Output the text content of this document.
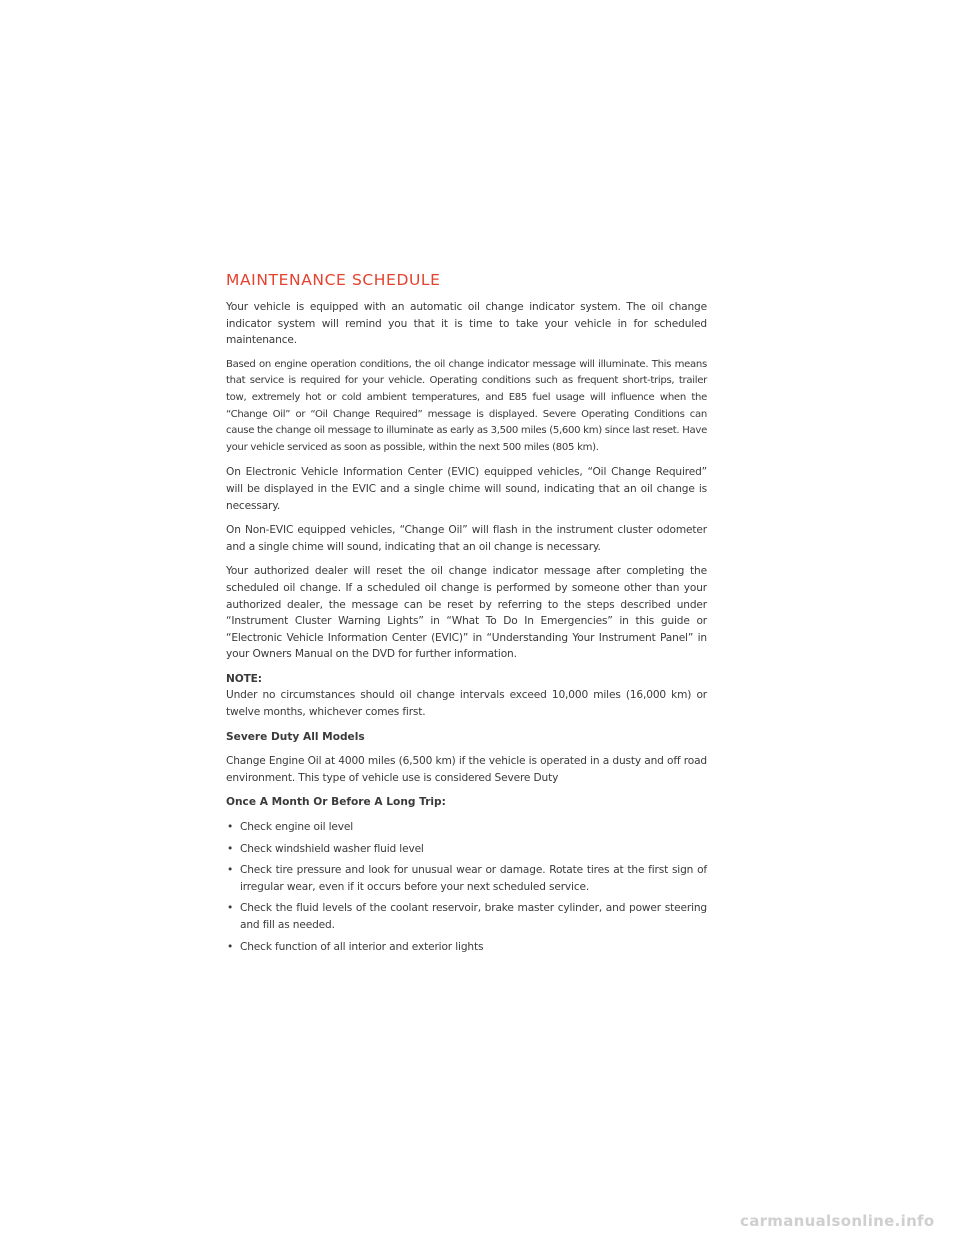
MAINTENANCE SCHEDULE

Your vehicle is equipped with an automatic oil change indicator system. The oil change indicator system will remind you that it is time to take your vehicle in for scheduled maintenance.

Based on engine operation conditions, the oil change indicator message will illuminate. This means that service is required for your vehicle. Operating conditions such as frequent short-trips, trailer tow, extremely hot or cold ambient temperatures, and E85 fuel usage will influence when the “Change Oil” or “Oil Change Required” message is displayed. Severe Operating Conditions can cause the change oil message to illuminate as early as 3,500 miles (5,600 km) since last reset. Have your vehicle serviced as soon as possible, within the next 500 miles (805 km).

On Electronic Vehicle Information Center (EVIC) equipped vehicles, “Oil Change Required” will be displayed in the EVIC and a single chime will sound, indicating that an oil change is necessary.

On Non-EVIC equipped vehicles, “Change Oil” will flash in the instrument cluster odometer and a single chime will sound, indicating that an oil change is necessary.

Your authorized dealer will reset the oil change indicator message after completing the scheduled oil change. If a scheduled oil change is performed by someone other than your authorized dealer, the message can be reset by referring to the steps described under “Instrument Cluster Warning Lights” in “What To Do In Emergencies” in this guide or “Electronic Vehicle Information Center (EVIC)” in “Understanding Your Instrument Panel” in your Owners Manual on the DVD for further information.

NOTE:
Under no circumstances should oil change intervals exceed 10,000 miles (16,000 km) or twelve months, whichever comes first.

Severe Duty All Models

Change Engine Oil at 4000 miles (6,500 km) if the vehicle is operated in a dusty and off road environment. This type of vehicle use is considered Severe Duty

Once A Month Or Before A Long Trip:
• Check engine oil level
• Check windshield washer fluid level
• Check tire pressure and look for unusual wear or damage. Rotate tires at the first sign of irregular wear, even if it occurs before your next scheduled service.
• Check the fluid levels of the coolant reservoir, brake master cylinder, and power steering and fill as needed.
• Check function of all interior and exterior lights
carmanualsonline.info
